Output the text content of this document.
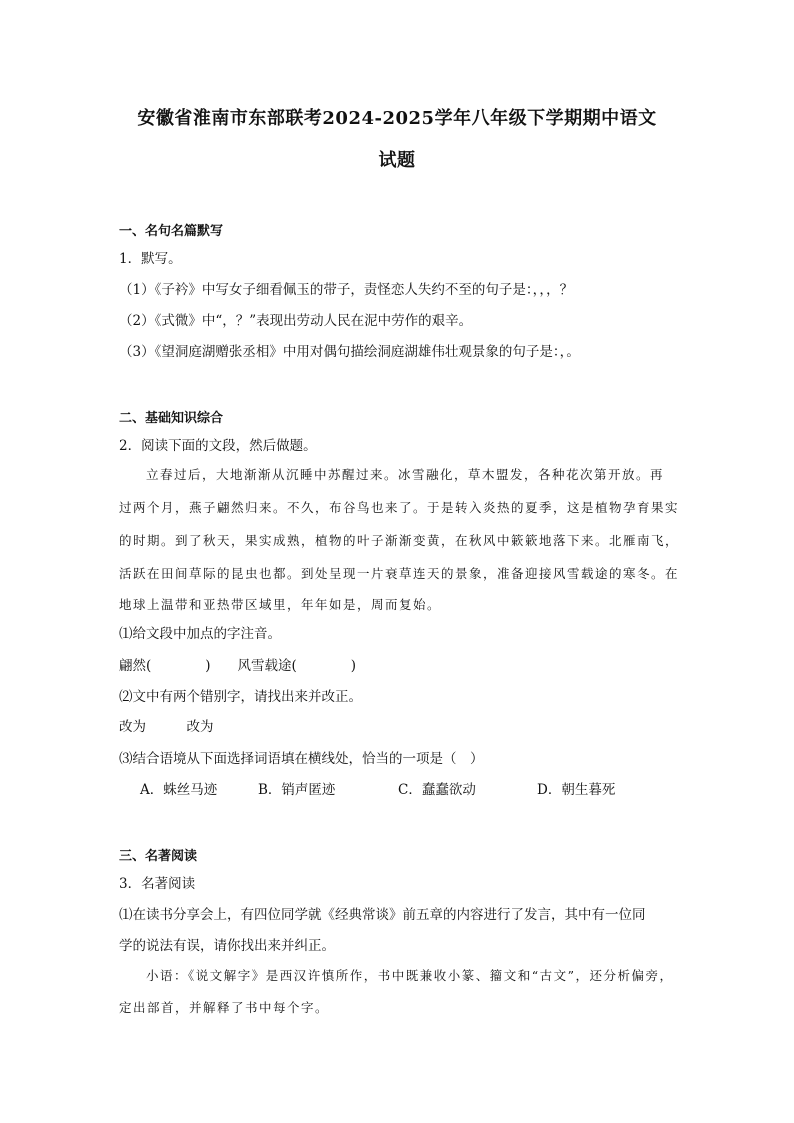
安徽省淮南市东部联考2024-2025学年八年级下学期期中语文
试题
一、名句名篇默写
1．默写。
（1）《子衿》中写女子细看佩玉的带子，责怪恋人失约不至的句子是：，，，？
（2）《式微》中“，？”表现出劳动人民在泥中劳作的艰辛。
（3）《望洞庭湖赠张丞相》中用对偶句描绘洞庭湖雄伟壮观景象的句子是：，。
二、基础知识综合
2．阅读下面的文段，然后做题。
立春过后，大地渐渐从沉睡中苏醒过来。冰雪融化，草木盟发，各种花次第开放。再
过两个月，燕子翩然归来。不久，布谷鸟也来了。于是转入炎热的夏季，这是植物孕育果实
的时期。到了秋天，果实成熟，植物的叶子渐渐变黄，在秋风中簌簌地落下来。北雁南飞，
活跃在田间草际的昆虫也都。到处呈现一片衰草连天的景象，准备迎接风雪载途的寒冬。在
地球上温带和亚热带区域里，年年如是，周而复始。
⑴给文段中加点的字注音。
翩然(　　　　)　　风雪载途(　　　　)
⑵文中有两个错别字，请找出来并改正。
改为　　　改为
⑶结合语境从下面选择词语填在横线处，恰当的一项是（　）
A．蛛丝马迹	B．销声匿迹	C．蠢蠢欲动	D．朝生暮死
三、名著阅读
3．名著阅读
⑴在读书分享会上，有四位同学就《经典常谈》前五章的内容进行了发言，其中有一位同
学的说法有误，请你找出来并纠正。
小语：《说文解字》是西汉许慎所作，书中既兼收小篆、籀文和“古文”，还分析偏旁，
定出部首，并解释了书中每个字。
